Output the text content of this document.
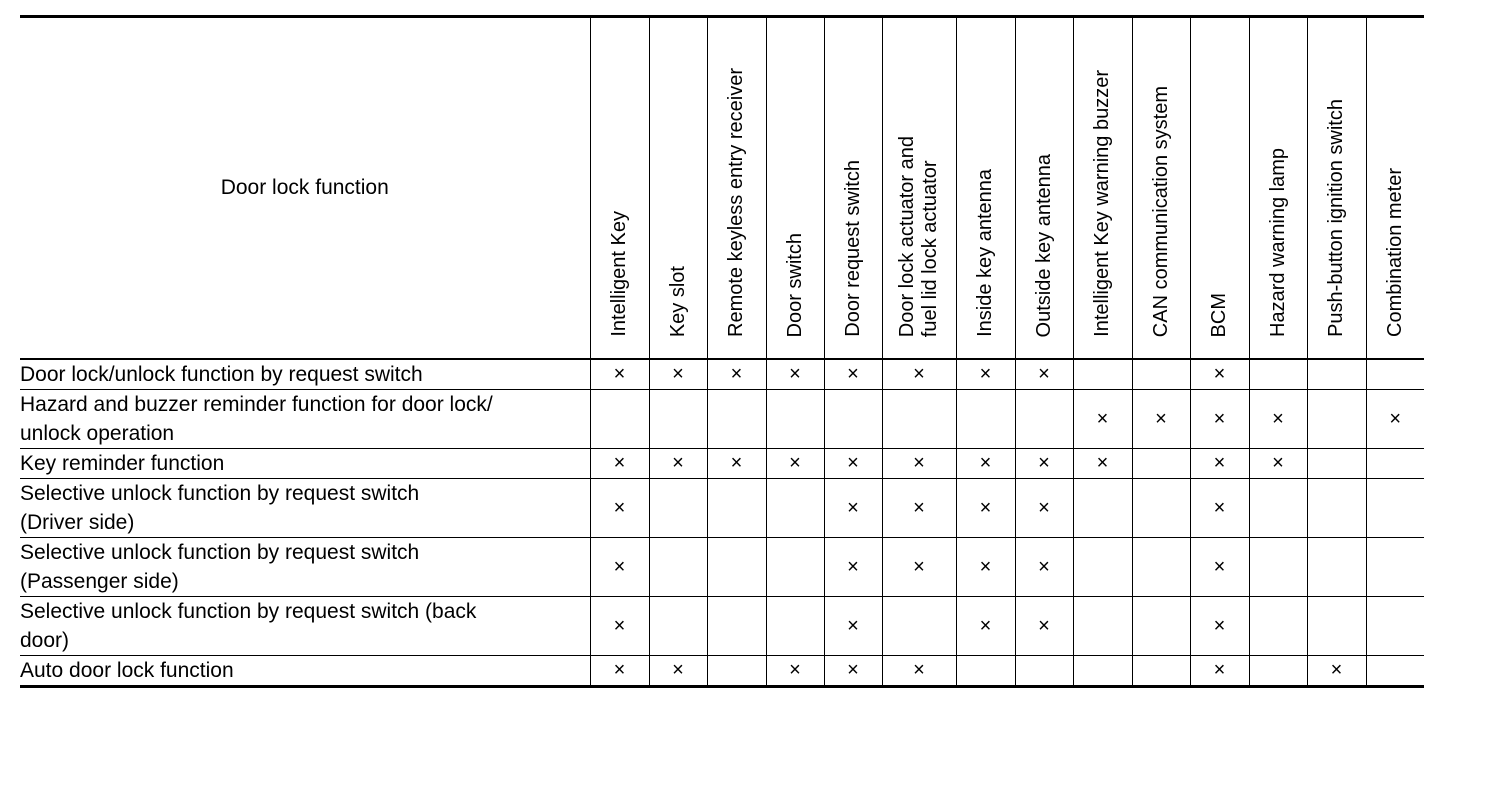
Door lock function	Intelligent Key	Key slot	Remote keyless entry receiver	Door switch	Door request switch	Door lock actuator and
fuel lid lock actuator	Inside key antenna	Outside key antenna	Intelligent Key warning buzzer	CAN communication system	BCM	Hazard warning lamp	Push-button ignition switch	Combination meter
Door lock/unlock function by request switch	×	×	×	×	×	×	×	×			×			
Hazard and buzzer reminder function for door lock/
unlock operation									×	×	×	×		×
Key reminder function	×	×	×	×	×	×	×	×	×		×	×		
Selective unlock function by request switch
(Driver side)	×				×	×	×	×			×			
Selective unlock function by request switch
(Passenger side)	×				×	×	×	×			×			
Selective unlock function by request switch (back
door)	×				×		×	×			×			
Auto door lock function	×	×		×	×	×					×		×	
